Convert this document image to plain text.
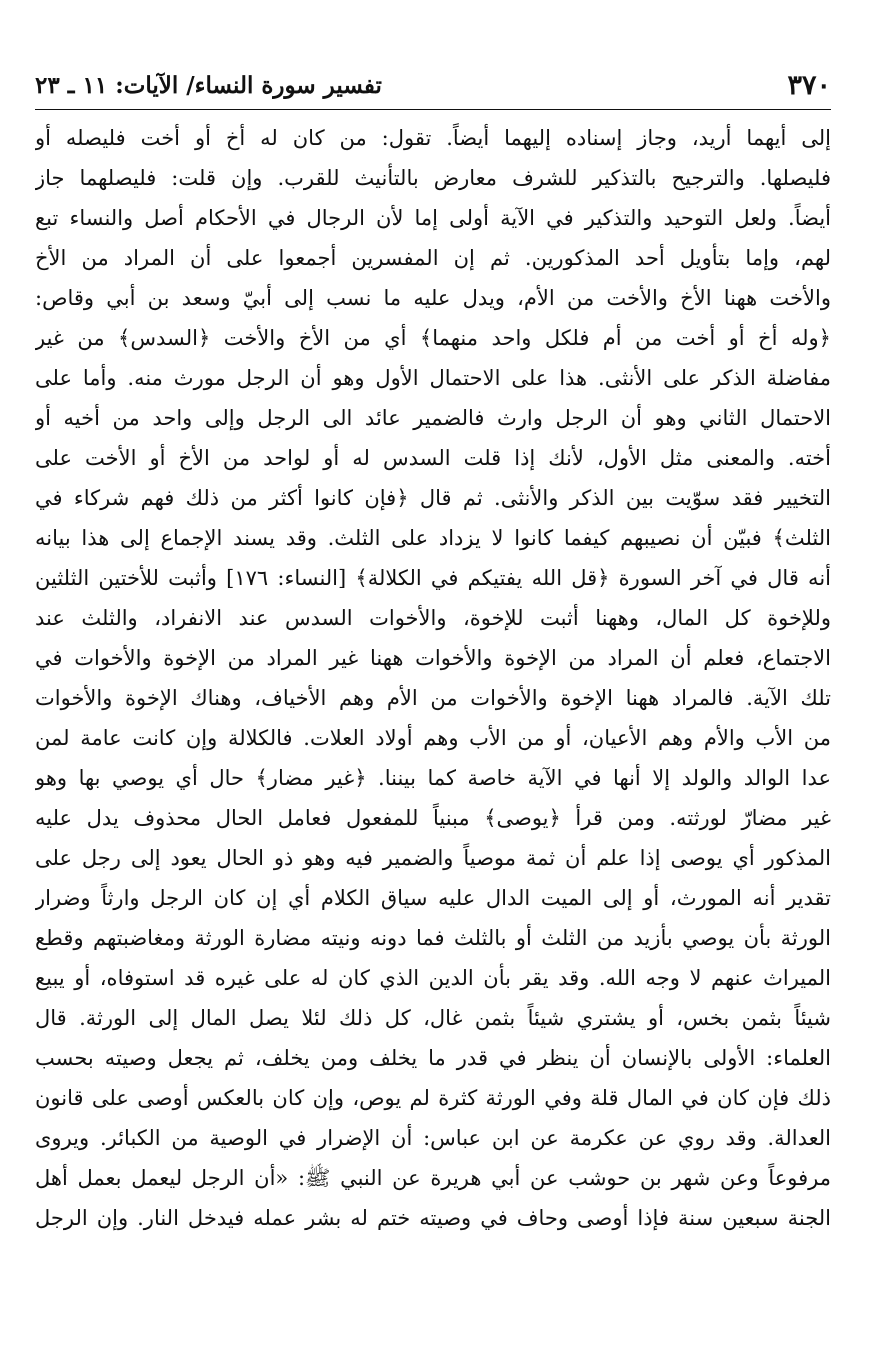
تفسير سورة النساء/ الآيات: ١١ ـ ٢٣	٣٧٠
إلى أيهما أريد، وجاز إسناده إليهما أيضاً. تقول: من كان له أخ أو أخت فليصله أو
فليصلها. والترجيح بالتذكير للشرف معارض بالتأنيث للقرب. وإن قلت: فليصلهما جاز
أيضاً. ولعل التوحيد والتذكير في الآية أولى إما لأن الرجال في الأحكام أصل والنساء تبع
لهم، وإما بتأويل أحد المذكورين. ثم إن المفسرين أجمعوا على أن المراد من الأخ
والأخت ههنا الأخ والأخت من الأم، ويدل عليه ما نسب إلى أبيّ وسعد بن أبي وقاص:
﴿وله أخ أو أخت من أم فلكل واحد منهما﴾ أي من الأخ والأخت ﴿السدس﴾ من غير
مفاضلة الذكر على الأنثى. هذا على الاحتمال الأول وهو أن الرجل مورث منه. وأما على
الاحتمال الثاني وهو أن الرجل وارث فالضمير عائد الى الرجل وإلى واحد من أخيه أو
أخته. والمعنى مثل الأول، لأنك إذا قلت السدس له أو لواحد من الأخ أو الأخت على
التخيير فقد سوّيت بين الذكر والأنثى. ثم قال ﴿فإن كانوا أكثر من ذلك فهم شركاء في
الثلث﴾ فبيّن أن نصيبهم كيفما كانوا لا يزداد على الثلث. وقد يسند الإجماع إلى هذا بيانه
أنه قال في آخر السورة ﴿قل الله يفتيكم في الكلالة﴾ [النساء: ١٧٦] وأثبت للأختين الثلثين
وللإخوة كل المال، وههنا أثبت للإخوة، والأخوات السدس عند الانفراد، والثلث عند
الاجتماع، فعلم أن المراد من الإخوة والأخوات ههنا غير المراد من الإخوة والأخوات في
تلك الآية. فالمراد ههنا الإخوة والأخوات من الأم وهم الأخياف، وهناك الإخوة والأخوات
من الأب والأم وهم الأعيان، أو من الأب وهم أولاد العلات. فالكلالة وإن كانت عامة لمن
عدا الوالد والولد إلا أنها في الآية خاصة كما بيننا. ﴿غير مضار﴾ حال أي يوصي بها وهو
غير مضارّ لورثته. ومن قرأ ﴿يوصى﴾ مبنياً للمفعول فعامل الحال محذوف يدل عليه
المذكور أي يوصى إذا علم أن ثمة موصياً والضمير فيه وهو ذو الحال يعود إلى رجل على
تقدير أنه المورث، أو إلى الميت الدال عليه سياق الكلام أي إن كان الرجل وارثاً وضرار
الورثة بأن يوصي بأزيد من الثلث أو بالثلث فما دونه ونيته مضارة الورثة ومغاضبتهم وقطع
الميراث عنهم لا وجه الله. وقد يقر بأن الدين الذي كان له على غيره قد استوفاه، أو يبيع
شيئاً بثمن بخس، أو يشتري شيئاً بثمن غال، كل ذلك لئلا يصل المال إلى الورثة. قال
العلماء: الأولى بالإنسان أن ينظر في قدر ما يخلف ومن يخلف، ثم يجعل وصيته بحسب
ذلك فإن كان في المال قلة وفي الورثة كثرة لم يوص، وإن كان بالعكس أوصى على قانون
العدالة. وقد روي عن عكرمة عن ابن عباس: أن الإضرار في الوصية من الكبائر. ويروى
مرفوعاً وعن شهر بن حوشب عن أبي هريرة عن النبي ﷺ: «أن الرجل ليعمل بعمل أهل
الجنة سبعين سنة فإذا أوصى وحاف في وصيته ختم له بشر عمله فيدخل النار. وإن الرجل
